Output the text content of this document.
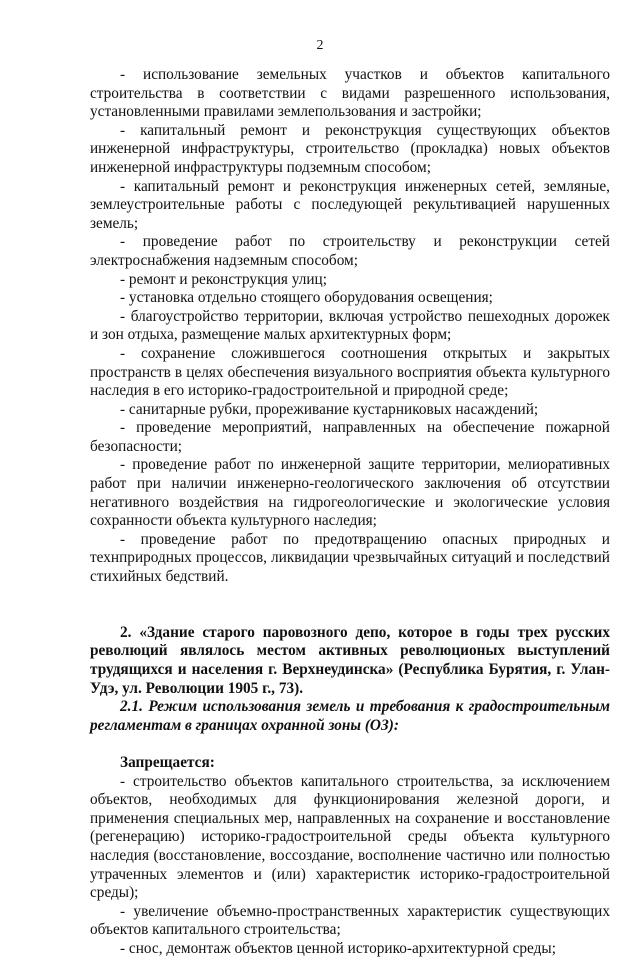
2

- использование земельных участков и объектов капитального строительства в соответствии с видами разрешенного использования, установленными правилами землепользования и застройки;

- капитальный ремонт и реконструкция существующих объектов инженерной инфраструктуры, строительство (прокладка) новых объектов инженерной инфраструктуры подземным способом;

- капитальный ремонт и реконструкция инженерных сетей, земляные, землеустроительные работы с последующей рекультивацией нарушенных земель;

- проведение работ по строительству и реконструкции сетей электроснабжения надземным способом;

- ремонт и реконструкция улиц;

- установка отдельно стоящего оборудования освещения;

- благоустройство территории, включая устройство пешеходных дорожек и зон отдыха, размещение малых архитектурных форм;

- сохранение сложившегося соотношения открытых и закрытых пространств в целях обеспечения визуального восприятия объекта культурного наследия в его историко-градостроительной и природной среде;

- санитарные рубки, прореживание кустарниковых насаждений;

- проведение мероприятий, направленных на обеспечение пожарной безопасности;

- проведение работ по инженерной защите территории, мелиоративных работ при наличии инженерно-геологического заключения об отсутствии негативного воздействия на гидрогеологические и экологические условия сохранности объекта культурного наследия;

- проведение работ по предотвращению опасных природных и технприродных процессов, ликвидации чрезвычайных ситуаций и последствий стихийных бедствий.

2. «Здание старого паровозного депо, которое в годы трех русских революций являлось местом активных революционых выступлений трудящихся и населения г. Верхнеудинска» (Республика Бурятия, г. Улан-Удэ, ул. Революции 1905 г., 73).

2.1. Режим использования земель и требования к градостроительным регламентам в границах охранной зоны (ОЗ):

Запрещается:

- строительство объектов капитального строительства, за исключением объектов, необходимых для функционирования железной дороги, и применения специальных мер, направленных на сохранение и восстановление (регенерацию) историко-градостроительной среды объекта культурного наследия (восстановление, воссоздание, восполнение частично или полностью утраченных элементов и (или) характеристик историко-градостроительной среды);

- увеличение объемно-пространственных характеристик существующих объектов капитального строительства;

- снос, демонтаж объектов ценной историко-архитектурной среды;
